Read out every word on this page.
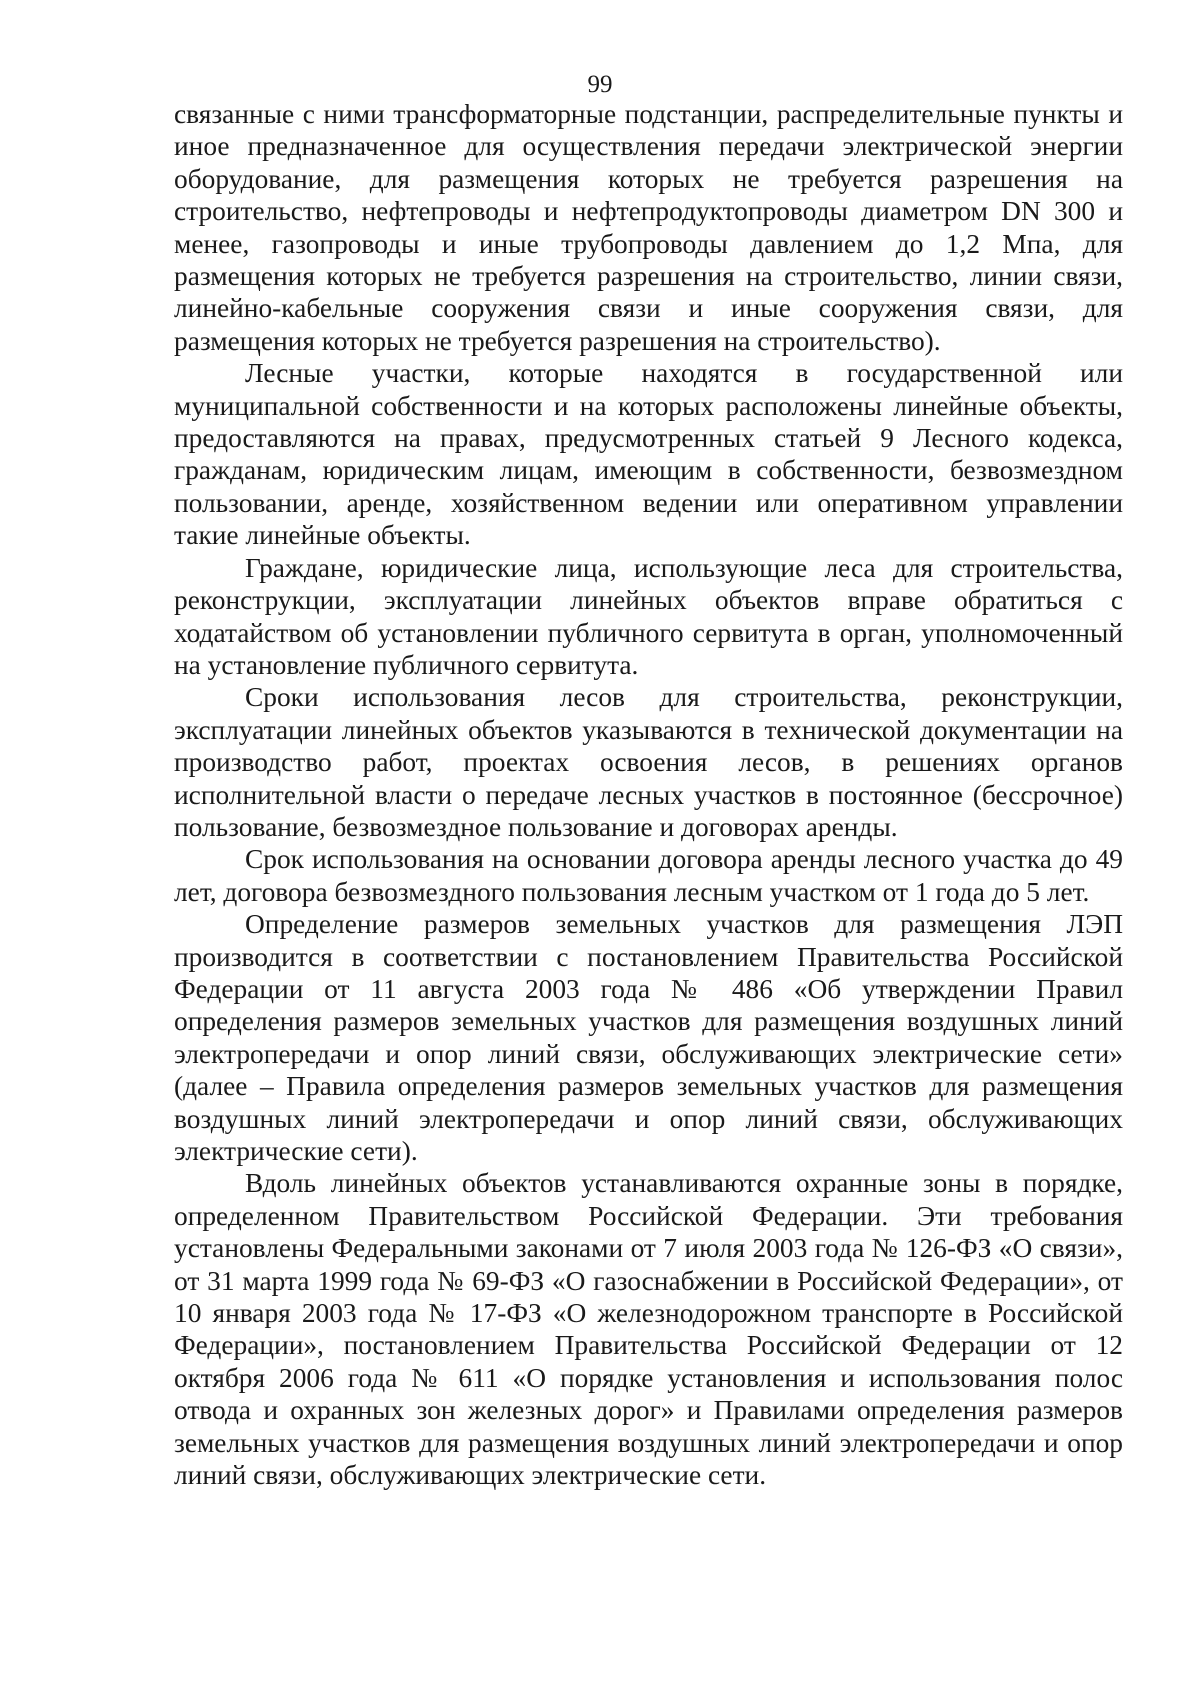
99

связанные с ними трансформаторные подстанции, распределительные пункты и иное предназначенное для осуществления передачи электрической энергии оборудование, для размещения которых не требуется разрешения на строительство, нефтепроводы и нефтепродуктопроводы диаметром DN 300 и менее, газопроводы и иные трубопроводы давлением до 1,2 Мпа, для размещения которых не требуется разрешения на строительство, линии связи, линейно-кабельные сооружения связи и иные сооружения связи, для размещения которых не требуется разрешения на строительство).

Лесные участки, которые находятся в государственной или муниципальной собственности и на которых расположены линейные объекты, предоставляются на правах, предусмотренных статьей 9 Лесного кодекса, гражданам, юридическим лицам, имеющим в собственности, безвозмездном пользовании, аренде, хозяйственном ведении или оперативном управлении такие линейные объекты.

Граждане, юридические лица, использующие леса для строительства, реконструкции, эксплуатации линейных объектов вправе обратиться с ходатайством об установлении публичного сервитута в орган, уполномоченный на установление публичного сервитута.

Сроки использования лесов для строительства, реконструкции, эксплуатации линейных объектов указываются в технической документации на производство работ, проектах освоения лесов, в решениях органов исполнительной власти о передаче лесных участков в постоянное (бессрочное) пользование, безвозмездное пользование и договорах аренды.

Срок использования на основании договора аренды лесного участка до 49 лет, договора безвозмездного пользования лесным участком от 1 года до 5 лет.

Определение размеров земельных участков для размещения ЛЭП производится в соответствии с постановлением Правительства Российской Федерации от 11 августа 2003 года № 486 «Об утверждении Правил определения размеров земельных участков для размещения воздушных линий электропередачи и опор линий связи, обслуживающих электрические сети» (далее – Правила определения размеров земельных участков для размещения воздушных линий электропередачи и опор линий связи, обслуживающих электрические сети).

Вдоль линейных объектов устанавливаются охранные зоны в порядке, определенном Правительством Российской Федерации. Эти требования установлены Федеральными законами от 7 июля 2003 года № 126-ФЗ «О связи», от 31 марта 1999 года № 69-ФЗ «О газоснабжении в Российской Федерации», от 10 января 2003 года № 17-ФЗ «О железнодорожном транспорте в Российской Федерации», постановлением Правительства Российской Федерации от 12 октября 2006 года № 611 «О порядке установления и использования полос отвода и охранных зон железных дорог» и Правилами определения размеров земельных участков для размещения воздушных линий электропередачи и опор линий связи, обслуживающих электрические сети.
